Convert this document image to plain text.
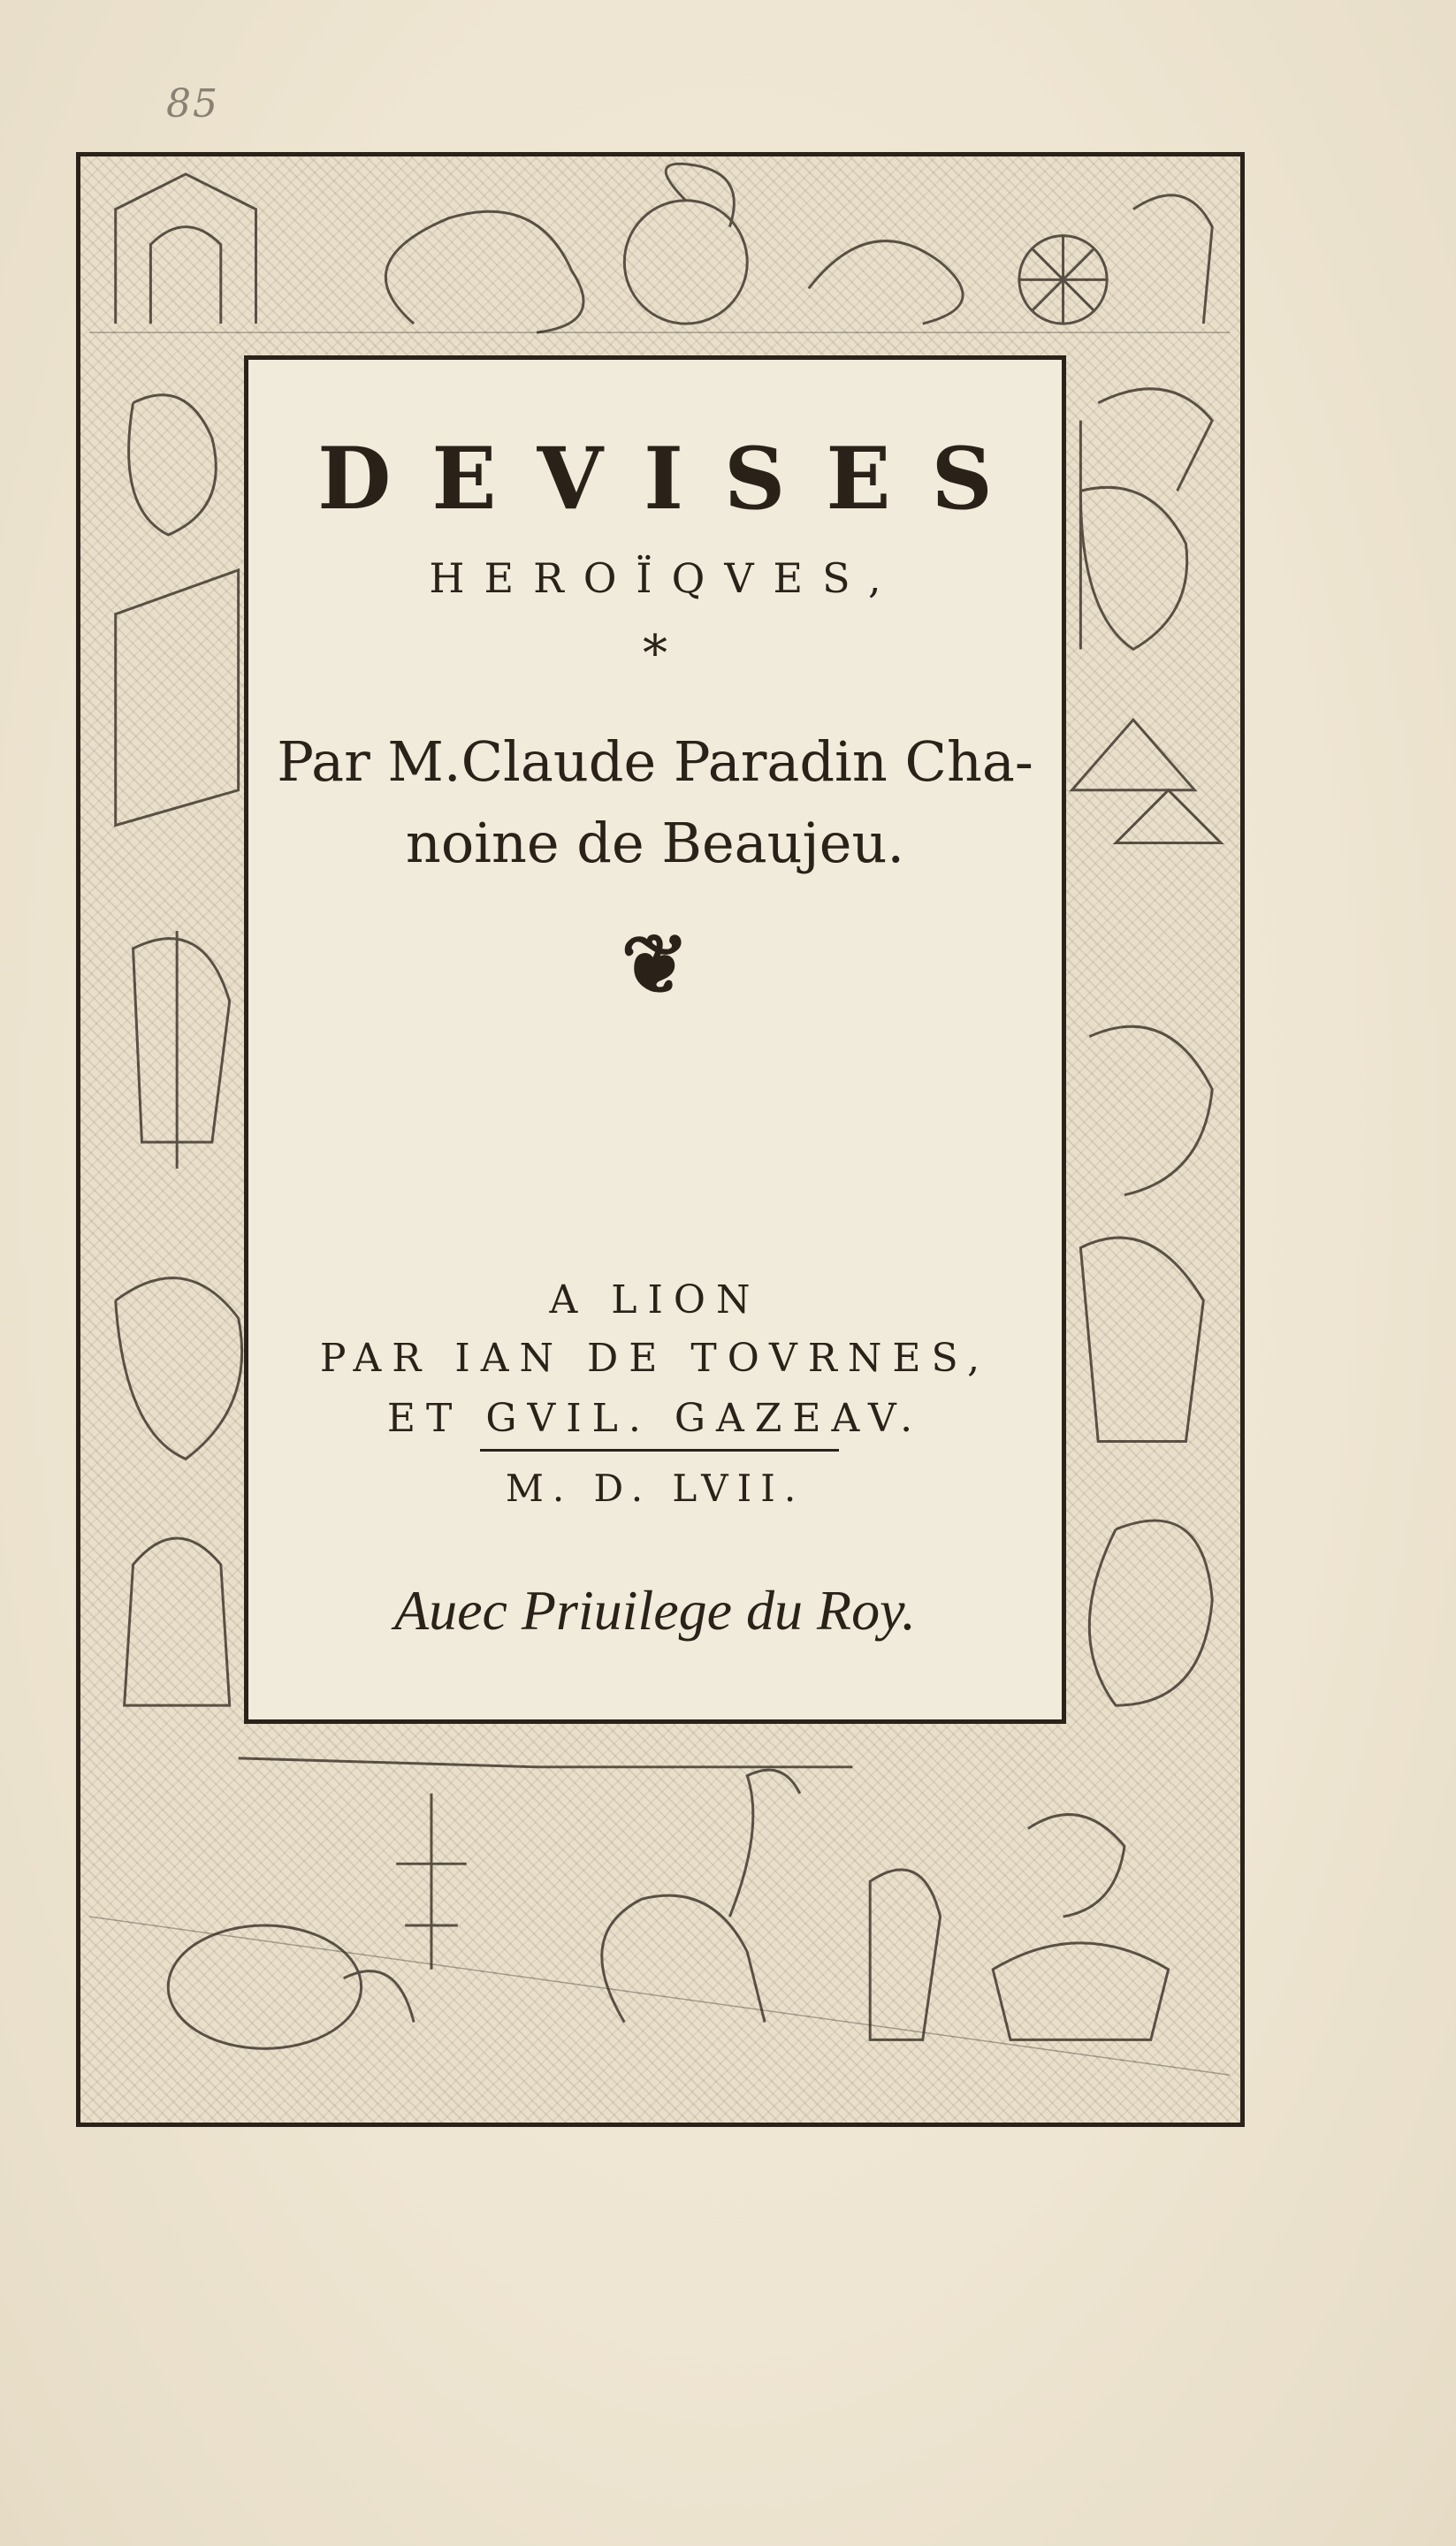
85
DEVISES
HEROÏQVES,
*
Par M.Claude Paradin Cha-
noine de Beaujeu.
❦
A LION
PAR IAN DE TOVRNES,
ET GVIL. GAZEAV.
M. D. LVII.
Auec Priuilege du Roy.
